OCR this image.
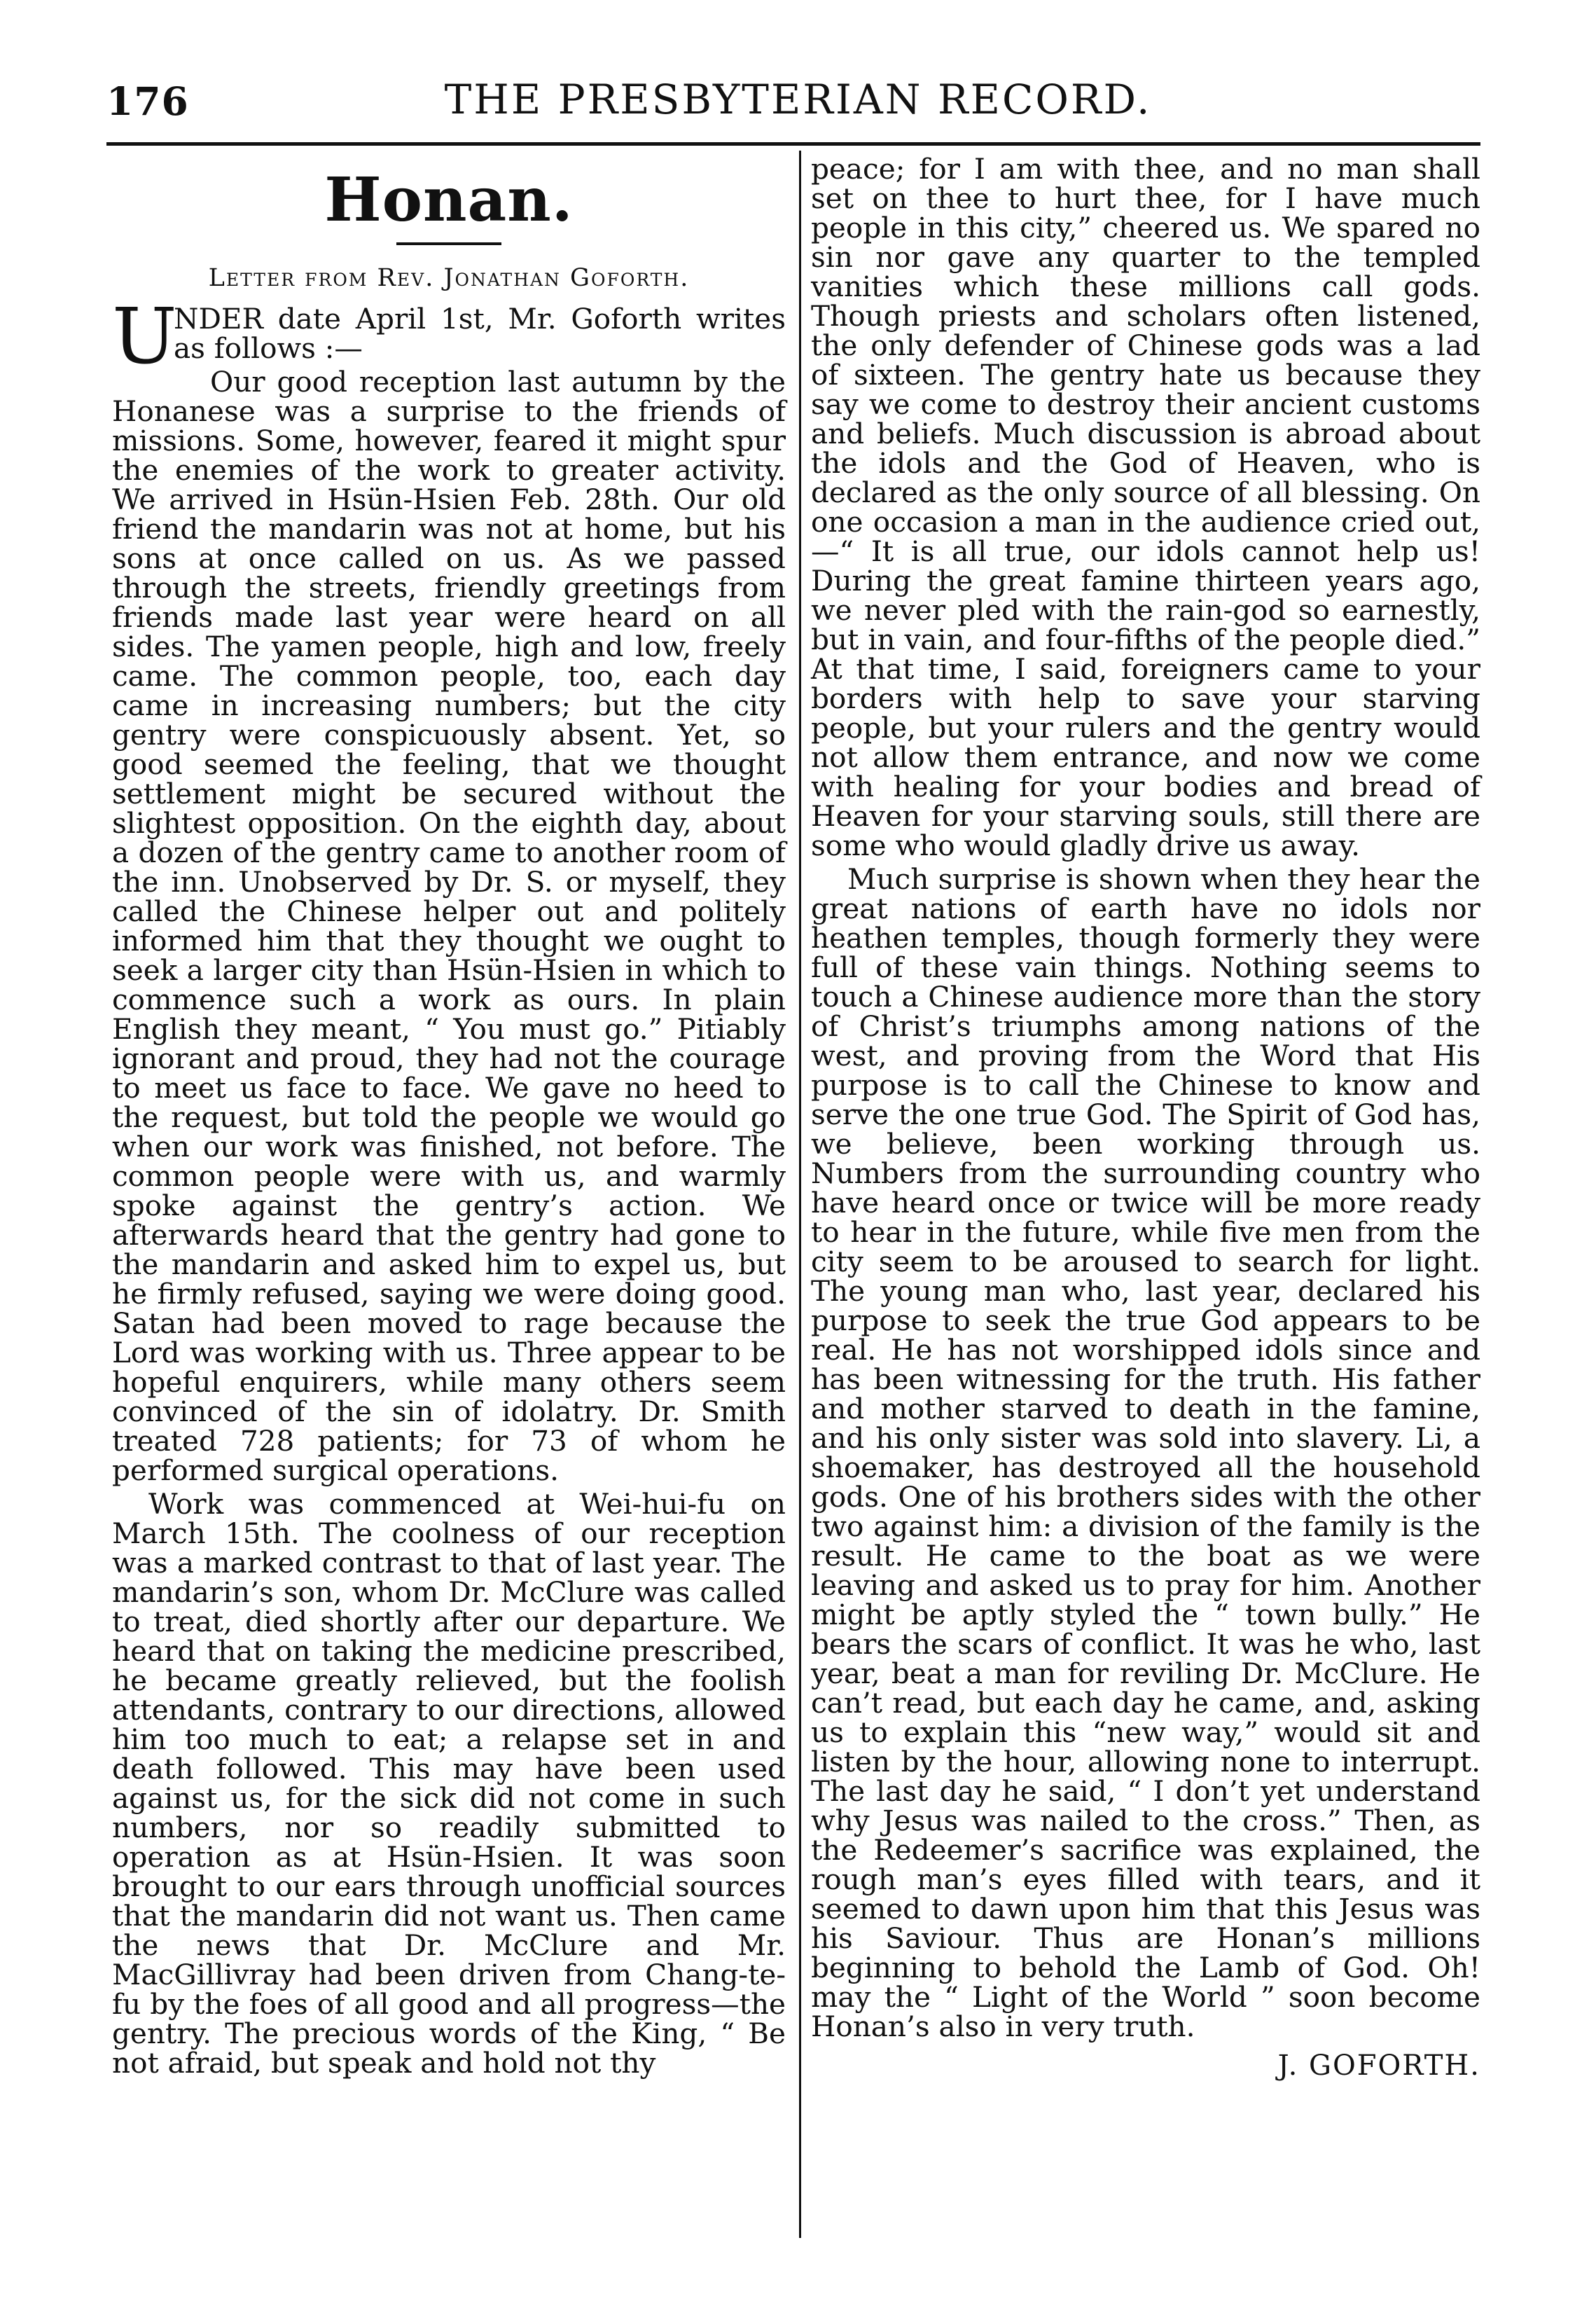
176	THE PRESBYTERIAN RECORD.
Honan.
Letter from Rev. Jonathan Goforth.
U

NDER date April 1st, Mr. Goforth writes as follows :—

Our good reception last autumn by the Honanese was a surprise to the friends of missions. Some, however, feared it might spur the enemies of the work to greater activity. We arrived in Hsün-Hsien Feb. 28th. Our old friend the mandarin was not at home, but his sons at once called on us. As we passed through the streets, friendly greetings from friends made last year were heard on all sides. The yamen people, high and low, freely came. The common people, too, each day came in increasing numbers; but the city gentry were conspicuously absent. Yet, so good seemed the feeling, that we thought settlement might be secured without the slightest opposition. On the eighth day, about a dozen of the gentry came to another room of the inn. Unobserved by Dr. S. or myself, they called the Chinese helper out and politely informed him that they thought we ought to seek a larger city than Hsün-Hsien in which to commence such a work as ours. In plain English they meant, “ You must go.” Pitiably ignorant and proud, they had not the courage to meet us face to face. We gave no heed to the request, but told the people we would go when our work was finished, not before. The common people were with us, and warmly spoke against the gentry’s action. We afterwards heard that the gentry had gone to the mandarin and asked him to expel us, but he firmly refused, saying we were doing good. Satan had been moved to rage because the Lord was working with us. Three appear to be hopeful enquirers, while many others seem convinced of the sin of idolatry. Dr. Smith treated 728 patients; for 73 of whom he performed surgical operations.

Work was commenced at Wei-hui-fu on March 15th. The coolness of our reception was a marked contrast to that of last year. The mandarin’s son, whom Dr. McClure was called to treat, died shortly after our departure. We heard that on taking the medicine prescribed, he became greatly relieved, but the foolish attendants, contrary to our directions, allowed him too much to eat; a relapse set in and death followed. This may have been used against us, for the sick did not come in such numbers, nor so readily submitted to operation as at Hsün-Hsien. It was soon brought to our ears through unofficial sources that the mandarin did not want us. Then came the news that Dr. McClure and Mr. MacGillivray had been driven from Chang-te-fu by the foes of all good and all progress—the gentry. The precious words of the King, “ Be not afraid, but speak and hold not thy

peace; for I am with thee, and no man shall set on thee to hurt thee, for I have much people in this city,” cheered us. We spared no sin nor gave any quarter to the templed vanities which these millions call gods. Though priests and scholars often listened, the only defender of Chinese gods was a lad of sixteen. The gentry hate us because they say we come to destroy their ancient customs and beliefs. Much discussion is abroad about the idols and the God of Heaven, who is declared as the only source of all blessing. On one occasion a man in the audience cried out,—“ It is all true, our idols cannot help us! During the great famine thirteen years ago, we never pled with the rain-god so earnestly, but in vain, and four-fifths of the people died.” At that time, I said, foreigners came to your borders with help to save your starving people, but your rulers and the gentry would not allow them entrance, and now we come with healing for your bodies and bread of Heaven for your starving souls, still there are some who would gladly drive us away.

Much surprise is shown when they hear the great nations of earth have no idols nor heathen temples, though formerly they were full of these vain things. Nothing seems to touch a Chinese audience more than the story of Christ’s triumphs among nations of the west, and proving from the Word that His purpose is to call the Chinese to know and serve the one true God. The Spirit of God has, we believe, been working through us. Numbers from the surrounding country who have heard once or twice will be more ready to hear in the future, while five men from the city seem to be aroused to search for light. The young man who, last year, declared his purpose to seek the true God appears to be real. He has not worshipped idols since and has been witnessing for the truth. His father and mother starved to death in the famine, and his only sister was sold into slavery. Li, a shoemaker, has destroyed all the household gods. One of his brothers sides with the other two against him: a division of the family is the result. He came to the boat as we were leaving and asked us to pray for him. Another might be aptly styled the “ town bully.” He bears the scars of conflict. It was he who, last year, beat a man for reviling Dr. McClure. He can’t read, but each day he came, and, asking us to explain this “new way,” would sit and listen by the hour, allowing none to interrupt. The last day he said, “ I don’t yet understand why Jesus was nailed to the cross.” Then, as the Redeemer’s sacrifice was explained, the rough man’s eyes filled with tears, and it seemed to dawn upon him that this Jesus was his Saviour. Thus are Honan’s millions beginning to behold the Lamb of God. Oh! may the “ Light of the World ” soon become Honan’s also in very truth.

J. GOFORTH.
